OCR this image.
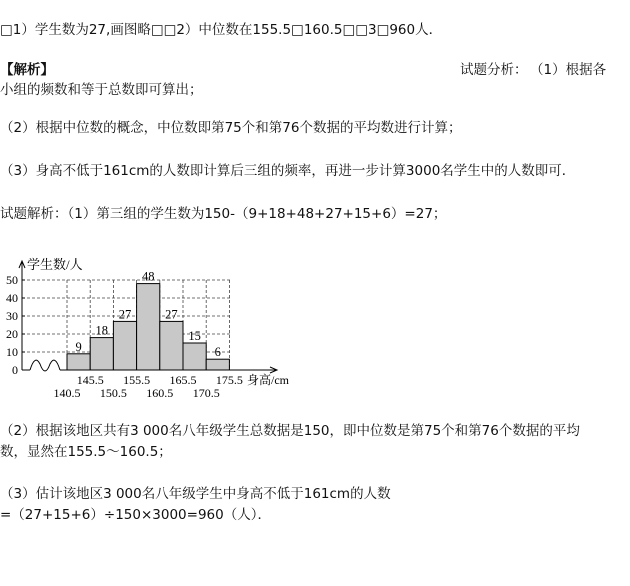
□1）学生数为27,画图略□□2）中位数在155.5□160.5□□3□960人．
【解析】	试题分析： （1）根据各
小组的频数和等于总数即可算出；
（2）根据中位数的概念，中位数即第75个和第76个数据的平均数进行计算；
（3）身高不低于161cm的人数即计算后三组的频率，再进一步计算3000名学生中的人数即可．
试题解析：（1）第三组的学生数为150-（9+18+48+27+15+6）=27；
学生数/人
0
10
20
30
40
50
身高/cm
9
18
27
48
27
15
6
145.5 155.5 165.5 175.5
140.5 150.5 160.5 170.5
（2）根据该地区共有3 000名八年级学生总数据是150，即中位数是第75个和第76个数据的平均
数，显然在155.5～160.5；
（3）估计该地区3 000名八年级学生中身高不低于161cm的人数
=（27+15+6）÷150×3000=960（人）．
